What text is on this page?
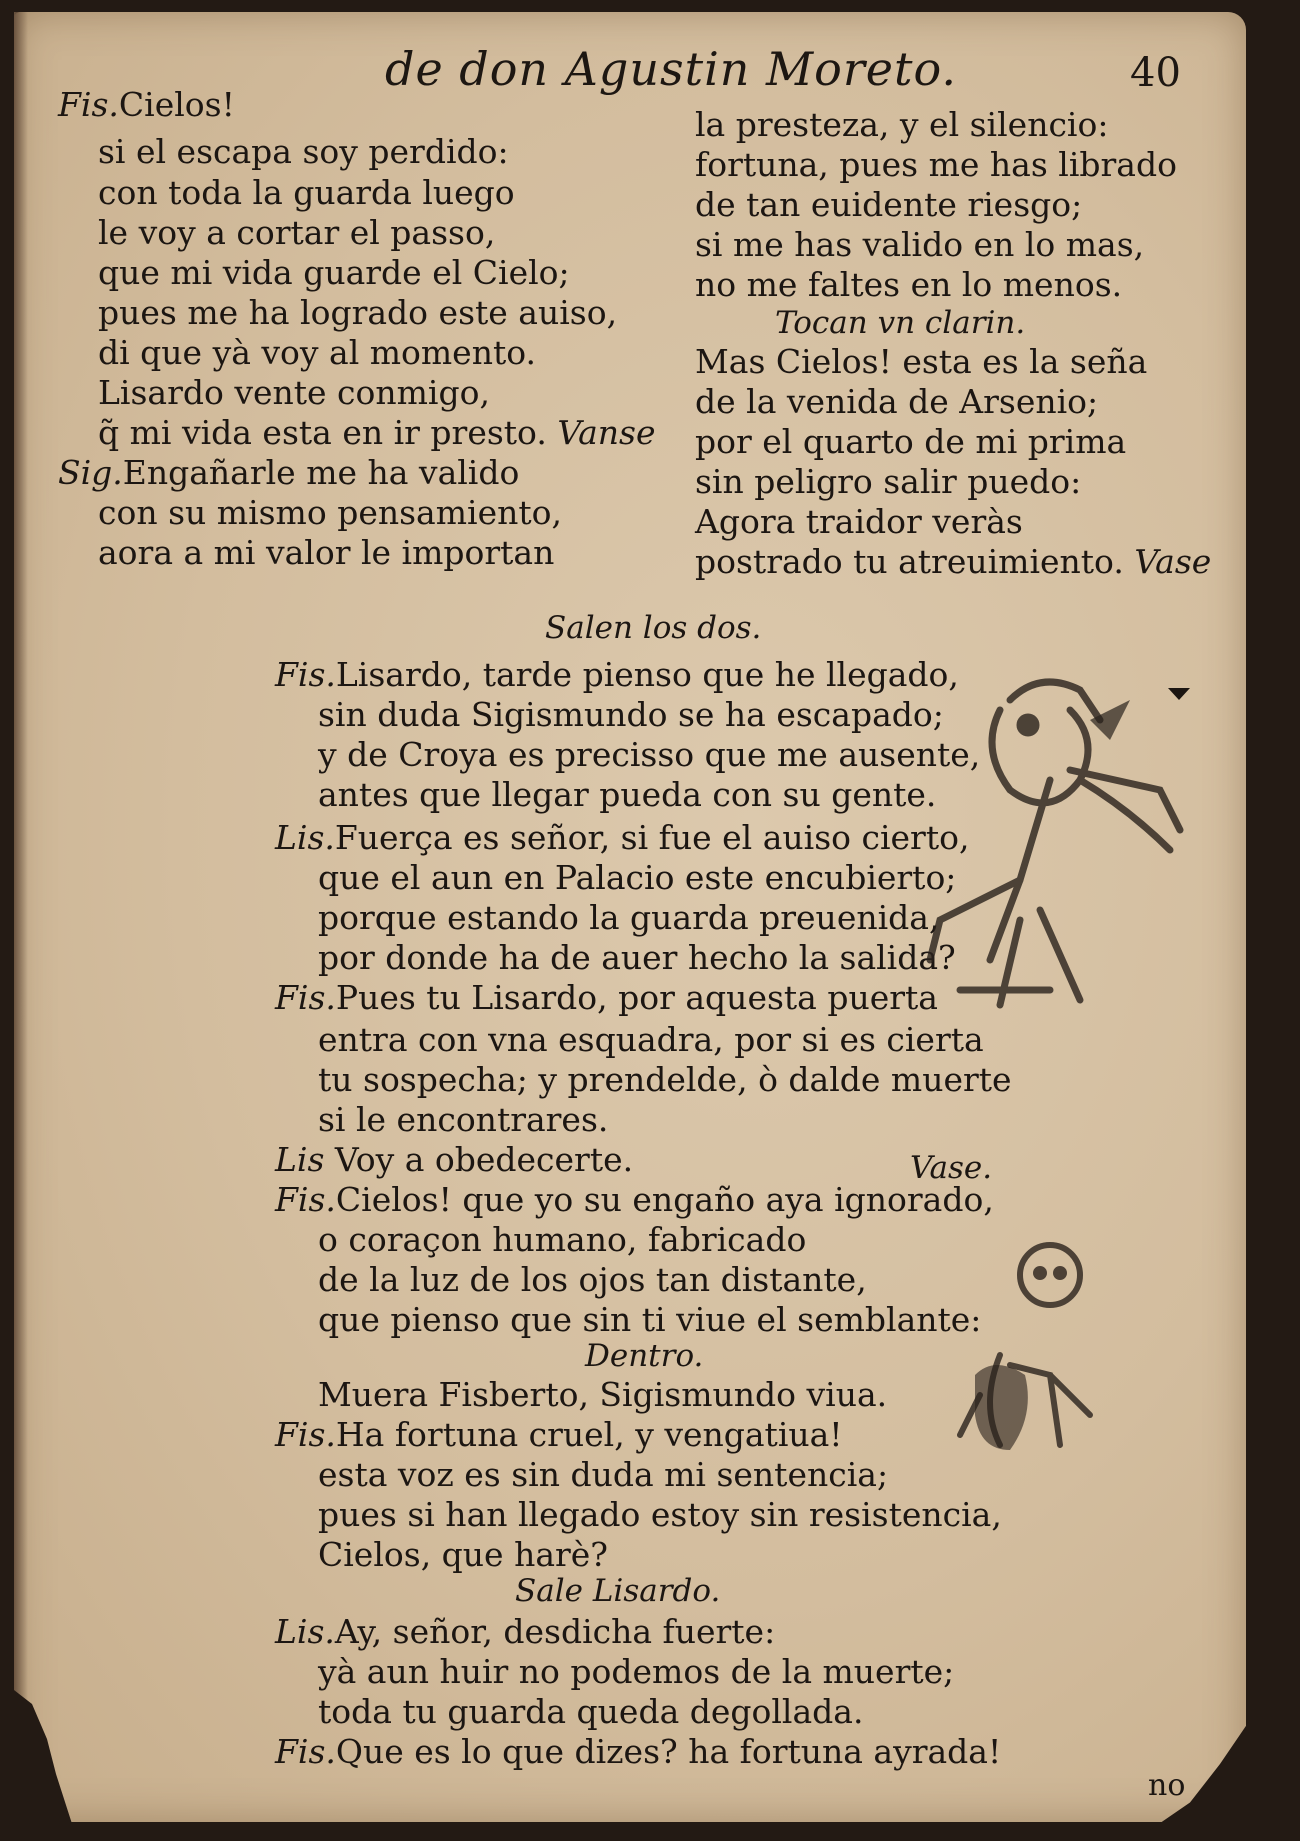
de don Agustin Moreto.	40
Fis.Cielos!
si el escapa soy perdido:
con toda la guarda luego
le voy a cortar el passo,
que mi vida guarde el Cielo;
pues me ha logrado este auiso,
di que yà voy al momento.
Lisardo vente conmigo,
q̃ mi vida esta en ir presto. Vanse
Sig.Engañarle me ha valido
con su mismo pensamiento,
aora a mi valor le importan
la presteza, y el silencio:
fortuna, pues me has librado
de tan euidente riesgo;
si me has valido en lo mas,
no me faltes en lo menos.
Tocan vn clarin.
Mas Cielos! esta es la seña
de la venida de Arsenio;
por el quarto de mi prima
sin peligro salir puedo:
Agora traidor veràs
postrado tu atreuimiento. Vase
Salen los dos.
Fis.Lisardo, tarde pienso que he llegado,
sin duda Sigismundo se ha escapado;
y de Croya es precisso que me ausente,
antes que llegar pueda con su gente.
Lis.Fuerça es señor, si fue el auiso cierto,
que el aun en Palacio este encubierto;
porque estando la guarda preuenida,
por donde ha de auer hecho la salida?
Fis.Pues tu Lisardo, por aquesta puerta
entra con vna esquadra, por si es cierta
tu sospecha; y prendelde, ò dalde muerte
si le encontrares.
Lis Voy a obedecerte.	Vase.
Fis.Cielos! que yo su engaño aya ignorado,
o coraçon humano, fabricado
de la luz de los ojos tan distante,
que pienso que sin ti viue el semblante:
Dentro.
Muera Fisberto, Sigismundo viua.
Fis.Ha fortuna cruel, y vengatiua!
esta voz es sin duda mi sentencia;
pues si han llegado estoy sin resistencia,
Cielos, que harè?
Sale Lisardo.
Lis.Ay, señor, desdicha fuerte:
yà aun huir no podemos de la muerte;
toda tu guarda queda degollada.
Fis.Que es lo que dizes? ha fortuna ayrada!
no
